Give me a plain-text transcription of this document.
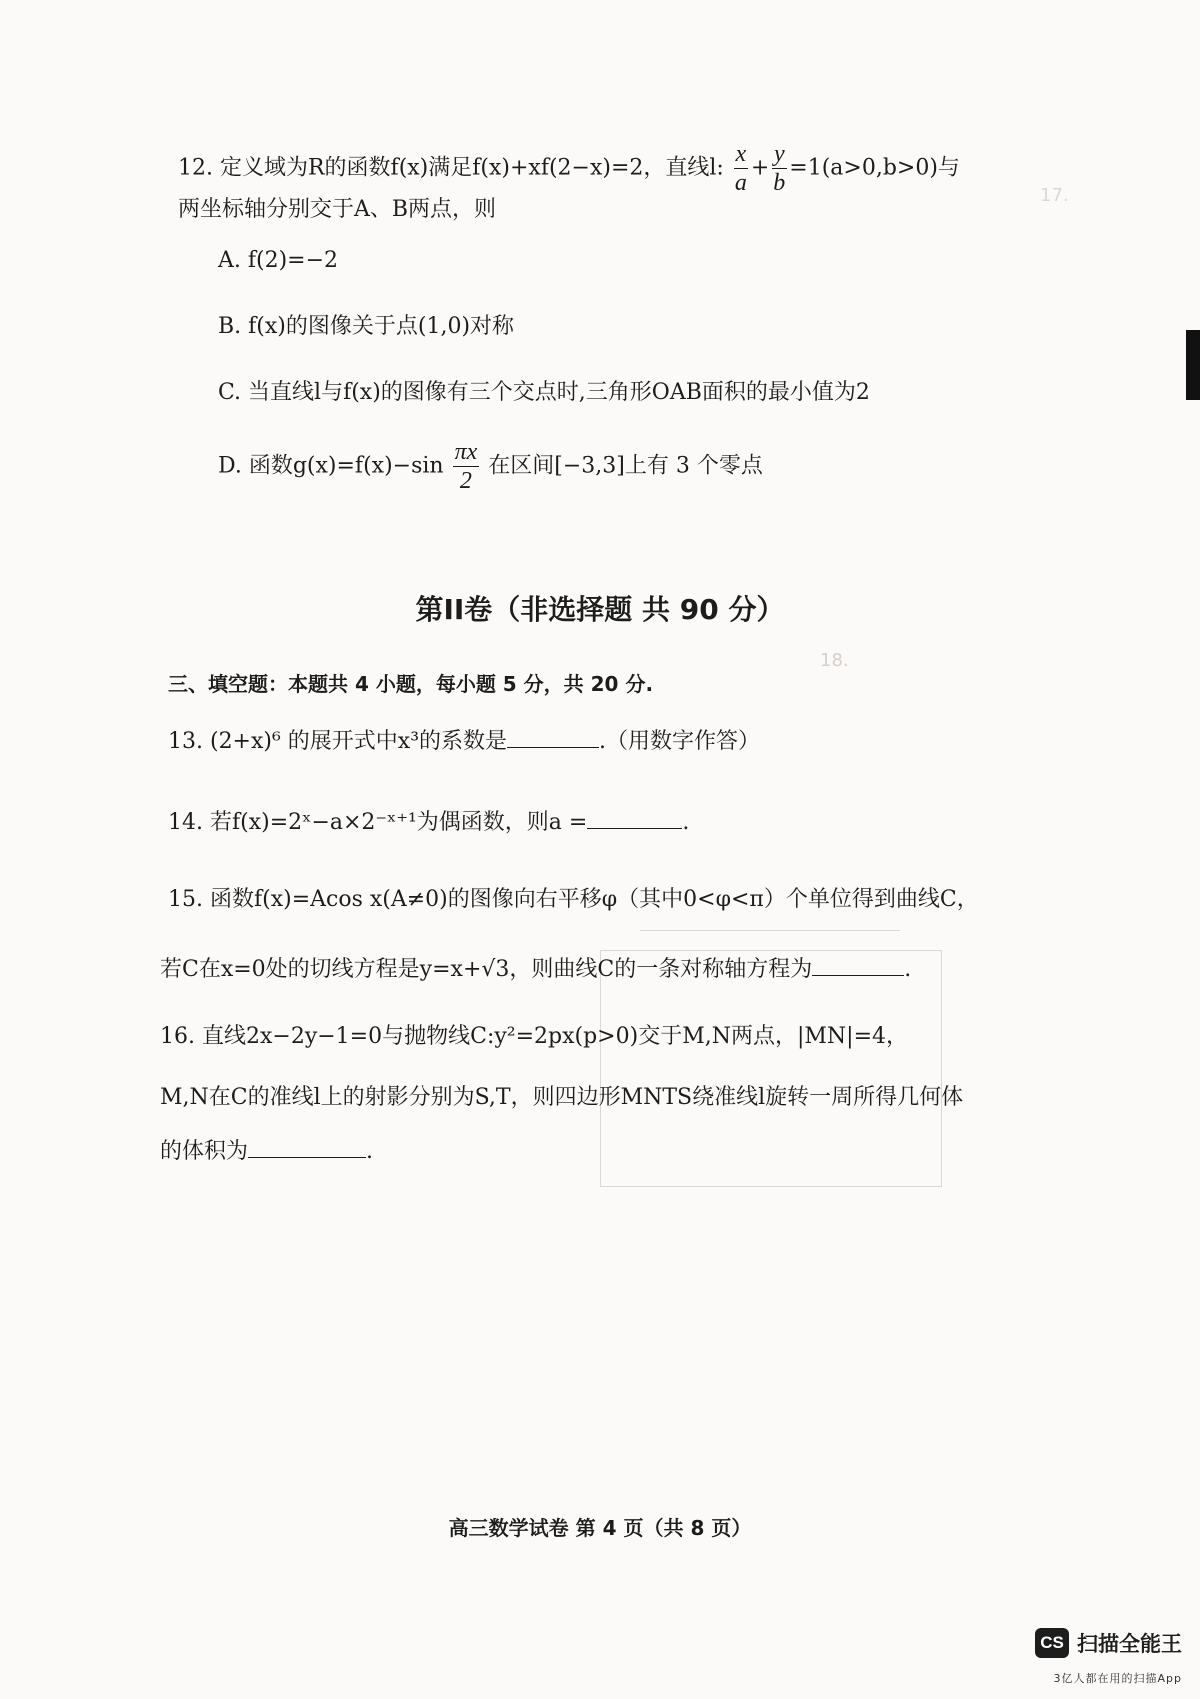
17.
18.
12. 定义域为R的函数f(x)满足f(x)+xf(2−x)=2，直线l: $\frac{x}{a} + \frac{y}{b} =1(a>0,b>0)$与
两坐标轴分别交于A、B两点，则
A. f(2)=−2
B. f(x)的图像关于点(1,0)对称
C. 当直线l与f(x)的图像有三个交点时,三角形OAB面积的最小值为2
D. 函数$g(x)=f(x)-\sin \frac{\pi x}{2}$ 在区间[−3,3]上有 3 个零点
第II卷（非选择题 共 90 分）
三、填空题：本题共 4 小题，每小题 5 分，共 20 分.
13. (2+x)⁶ 的展开式中x³的系数是	.（用数字作答）
14. 若f(x)=2ˣ−a×2⁻ˣ⁺¹为偶函数，则a =	.
15. 函数f(x)=Acos x(A≠0)的图像向右平移φ（其中0<φ<π）个单位得到曲线C，
若C在x=0处的切线方程是y=x+√3，则曲线C的一条对称轴方程为	.
16. 直线2x−2y−1=0与抛物线C:y²=2px(p>0)交于M,N两点，|MN|=4，
M,N在C的准线l上的射影分别为S,T，则四边形MNTS绕准线l旋转一周所得几何体
的体积为	.
高三数学试卷 第 4 页（共 8 页）
CS 扫描全能王
3亿人都在用的扫描App
